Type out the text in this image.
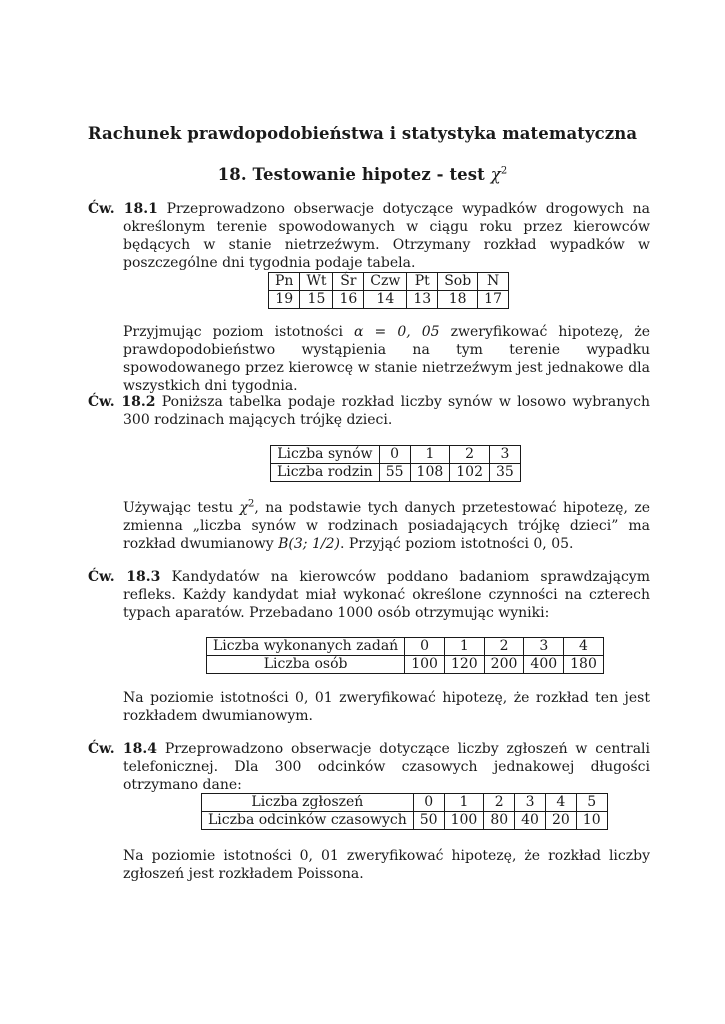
Rachunek prawdopodobieństwa i statystyka matematyczna
18. Testowanie hipotez - test $\chi^2$
Ćw. 18.1 Przeprowadzono obserwacje dotyczące wypadków drogowych na określonym terenie spowodowanych w ciągu roku przez kierowców będących w stanie nietrzeźwym. Otrzymany rozkład wypadków w poszczególne dni tygodnia podaje tabela.
Pn	Wt	Śr	Czw	Pt	Sob	N
19	15	16	14	13	18	17
Przyjmując poziom istotności α = 0, 05 zweryfikować hipotezę, że prawdopodobieństwo wystąpienia na tym terenie wypadku spowodowanego przez kierowcę w stanie nietrzeźwym jest jednakowe dla wszystkich dni tygodnia.
Ćw. 18.2 Poniższa tabelka podaje rozkład liczby synów w losowo wybranych 300 rodzinach mających trójkę dzieci.
Liczba synów	0	1	2	3
Liczba rodzin	55	108	102	35
Używając testu $\chi^2$, na podstawie tych danych przetestować hipotezę, ze zmienna „liczba synów w rodzinach posiadających trójkę dzieci” ma rozkład dwumianowy B(3; 1/2). Przyjąć poziom istotności 0, 05.
Ćw. 18.3 Kandydatów na kierowców poddano badaniom sprawdzającym refleks. Każdy kandydat miał wykonać określone czynności na czterech typach aparatów. Przebadano 1000 osób otrzymując wyniki:
Liczba wykonanych zadań	0	1	2	3	4
Liczba osób	100	120	200	400	180
Na poziomie istotności 0, 01 zweryfikować hipotezę, że rozkład ten jest rozkładem dwumianowym.
Ćw. 18.4 Przeprowadzono obserwacje dotyczące liczby zgłoszeń w centrali telefonicznej. Dla 300 odcinków czasowych jednakowej długości otrzymano dane:
Liczba zgłoszeń	0	1	2	3	4	5
Liczba odcinków czasowych	50	100	80	40	20	10
Na poziomie istotności 0, 01 zweryfikować hipotezę, że rozkład liczby zgłoszeń jest rozkładem Poissona.
